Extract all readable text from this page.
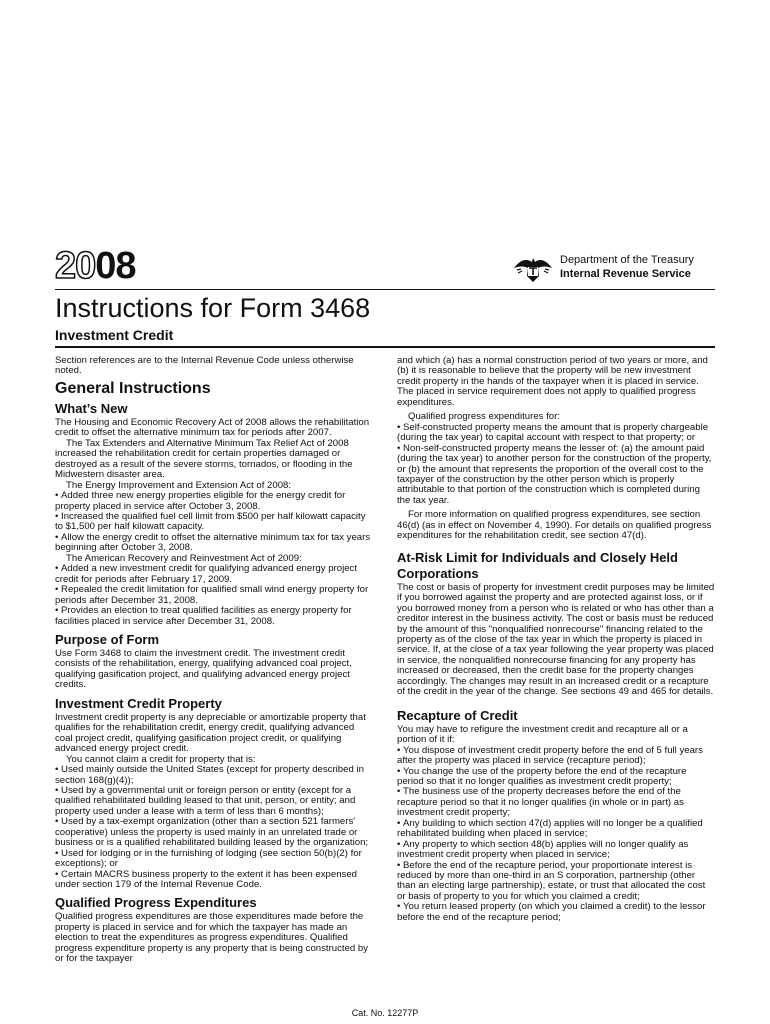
2008	Department of the Treasury
Internal Revenue Service
Instructions for Form 3468
Investment Credit

Section references are to the Internal Revenue Code unless otherwise noted.

General Instructions
What’s New

The Housing and Economic Recovery Act of 2008 allows the rehabilitation credit to offset the alternative minimum tax for periods after 2007.

The Tax Extenders and Alternative Minimum Tax Relief Act of 2008 increased the rehabilitation credit for certain properties damaged or destroyed as a result of the severe storms, tornados, or flooding in the Midwestern disaster area.

The Energy Improvement and Extension Act of 2008:

• Added three new energy properties eligible for the energy credit for property placed in service after October 3, 2008.

• Increased the qualified fuel cell limit from $500 per half kilowatt capacity to $1,500 per half kilowatt capacity.

• Allow the energy credit to offset the alternative minimum tax for tax years beginning after October 3, 2008.

The American Recovery and Reinvestment Act of 2009:

• Added a new investment credit for qualifying advanced energy project credit for periods after February 17, 2009.

• Repealed the credit limitation for qualified small wind energy property for periods after December 31, 2008.

• Provides an election to treat qualified facilities as energy property for facilities placed in service after December 31, 2008.

Purpose of Form

Use Form 3468 to claim the investment credit. The investment credit consists of the rehabilitation, energy, qualifying advanced coal project, qualifying gasification project, and qualifying advanced energy project credits.

Investment Credit Property

Investment credit property is any depreciable or amortizable property that qualifies for the rehabilitation credit, energy credit, qualifying advanced coal project credit, qualifying gasification project credit, or qualifying advanced energy project credit.

You cannot claim a credit for property that is:

• Used mainly outside the United States (except for property described in section 168(g)(4));

• Used by a governmental unit or foreign person or entity (except for a qualified rehabilitated building leased to that unit, person, or entity; and property used under a lease with a term of less than 6 months);

• Used by a tax-exempt organization (other than a section 521 farmers' cooperative) unless the property is used mainly in an unrelated trade or business or is a qualified rehabilitated building leased by the organization;

• Used for lodging or in the furnishing of lodging (see section 50(b)(2) for exceptions); or

• Certain MACRS business property to the extent it has been expensed under section 179 of the Internal Revenue Code.

Qualified Progress Expenditures

Qualified progress expenditures are those expenditures made before the property is placed in service and for which the taxpayer has made an election to treat the expenditures as progress expenditures. Qualified progress expenditure property is any property that is being constructed by or for the taxpayer

and which (a) has a normal construction period of two years or more, and (b) it is reasonable to believe that the property will be new investment credit property in the hands of the taxpayer when it is placed in service. The placed in service requirement does not apply to qualified progress expenditures.

Qualified progress expenditures for:

• Self-constructed property means the amount that is properly chargeable (during the tax year) to capital account with respect to that property; or

• Non-self-constructed property means the lesser of: (a) the amount paid (during the tax year) to another person for the construction of the property, or (b) the amount that represents the proportion of the overall cost to the taxpayer of the construction by the other person which is properly attributable to that portion of the construction which is completed during the tax year.

For more information on qualified progress expenditures, see section 46(d) (as in effect on November 4, 1990). For details on qualified progress expenditures for the rehabilitation credit, see section 47(d).

At-Risk Limit for Individuals and Closely Held Corporations

The cost or basis of property for investment credit purposes may be limited if you borrowed against the property and are protected against loss, or if you borrowed money from a person who is related or who has other than a creditor interest in the business activity. The cost or basis must be reduced by the amount of this "nonqualified nonrecourse" financing related to the property as of the close of the tax year in which the property is placed in service. If, at the close of a tax year following the year property was placed in service, the nonqualified nonrecourse financing for any property has increased or decreased, then the credit base for the property changes accordingly. The changes may result in an increased credit or a recapture of the credit in the year of the change. See sections 49 and 465 for details.

Recapture of Credit

You may have to refigure the investment credit and recapture all or a portion of it if:

• You dispose of investment credit property before the end of 5 full years after the property was placed in service (recapture period);

• You change the use of the property before the end of the recapture period so that it no longer qualifies as investment credit property;

• The business use of the property decreases before the end of the recapture period so that it no longer qualifies (in whole or in part) as investment credit property;

• Any building to which section 47(d) applies will no longer be a qualified rehabilitated building when placed in service;

• Any property to which section 48(b) applies will no longer qualify as investment credit property when placed in service;

• Before the end of the recapture period, your proportionate interest is reduced by more than one-third in an S corporation, partnership (other than an electing large partnership), estate, or trust that allocated the cost or basis of property to you for which you claimed a credit;

• You return leased property (on which you claimed a credit) to the lessor before the end of the recapture period;

Cat. No. 12277P
